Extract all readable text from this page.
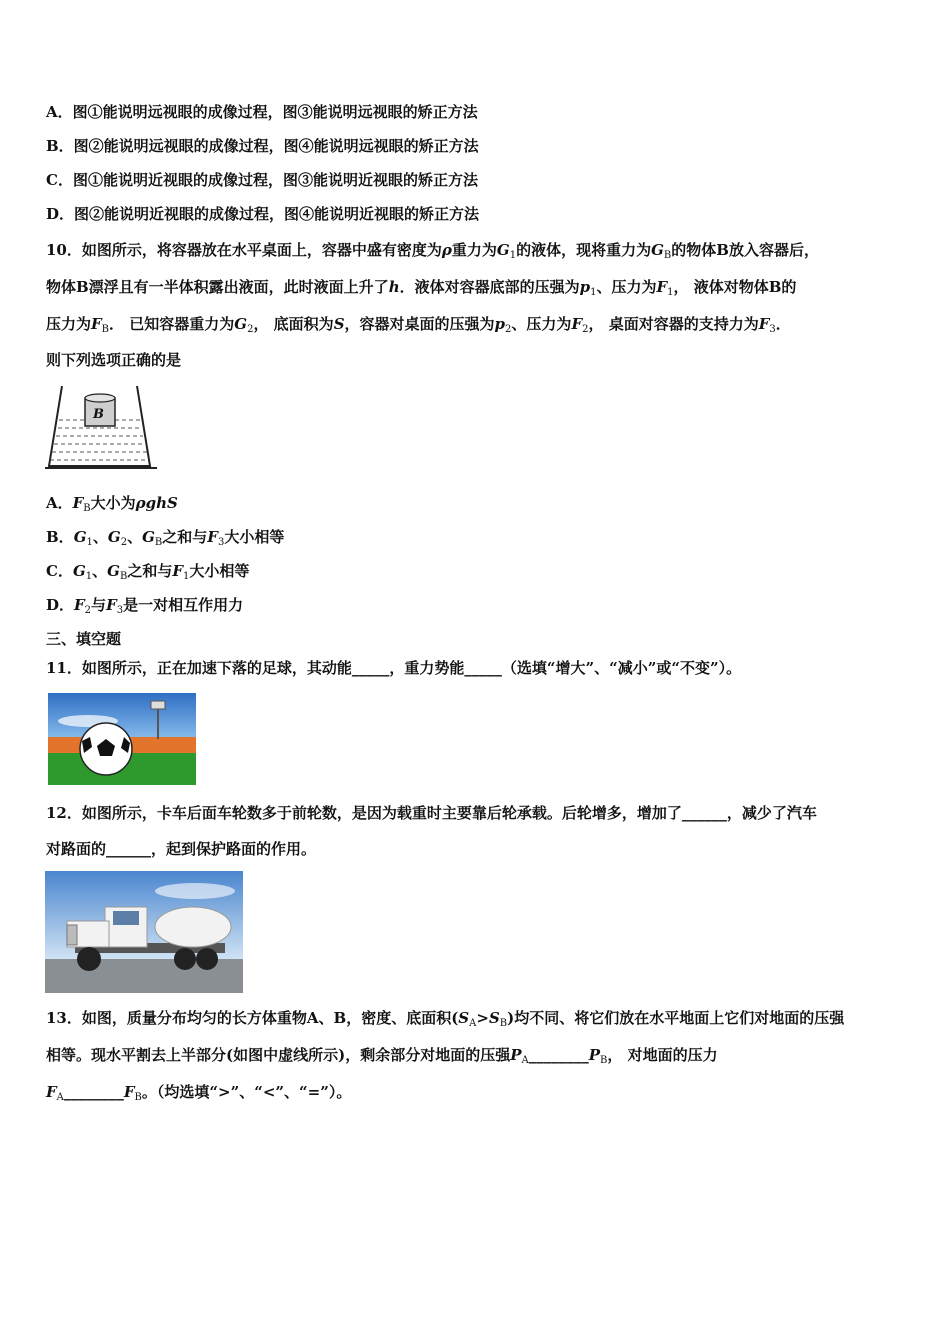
A．图①能说明远视眼的成像过程，图③能说明远视眼的矫正方法
B．图②能说明远视眼的成像过程，图④能说明远视眼的矫正方法
C．图①能说明近视眼的成像过程，图③能说明近视眼的矫正方法
D．图②能说明近视眼的成像过程，图④能说明近视眼的矫正方法
10．如图所示，将容器放在水平桌面上，容器中盛有密度为ρ重力为$G_1$的液体，现将重力为$G_B$的物体B放入容器后，
物体B漂浮且有一半体积露出液面，此时液面上升了h．液体对容器底部的压强为$p_1$、压力为$F_1$， 液体对物体B的
压力为$F_B$． 已知容器重力为$G_2$， 底面积为S，容器对桌面的压强为$p_2$、压力为$F_2$， 桌面对容器的支持力为$F_3$．
则下列选项正确的是
B
A．$F_B$大小为ρghS
B．$G_1$、$G_2$、$G_B$之和与$F_3$大小相等
C．$G_1$、$G_B$之和与$F_1$大小相等
D．$F_2$与$F_3$是一对相互作用力
三、填空题
11．如图所示，正在加速下落的足球，其动能_____，重力势能_____（选填“增大”、“减小”或“不变”）。
12．如图所示，卡车后面车轮数多于前轮数，是因为载重时主要靠后轮承载。后轮增多，增加了______，减少了汽车
对路面的______，起到保护路面的作用。
13．如图，质量分布均匀的长方体重物A、B，密度、底面积$(S_A>S_B)$均不同、将它们放在水平地面上它们对地面的压强
相等。现水平割去上半部分(如图中虚线所示)，剩余部分对地面的压强$P_A\_\_\_\_\_\_\_\_P_B$， 对地面的压力
$F_A\_\_\_\_\_\_\_\_F_B$。（均选填“>”、“<”、“=”）。
